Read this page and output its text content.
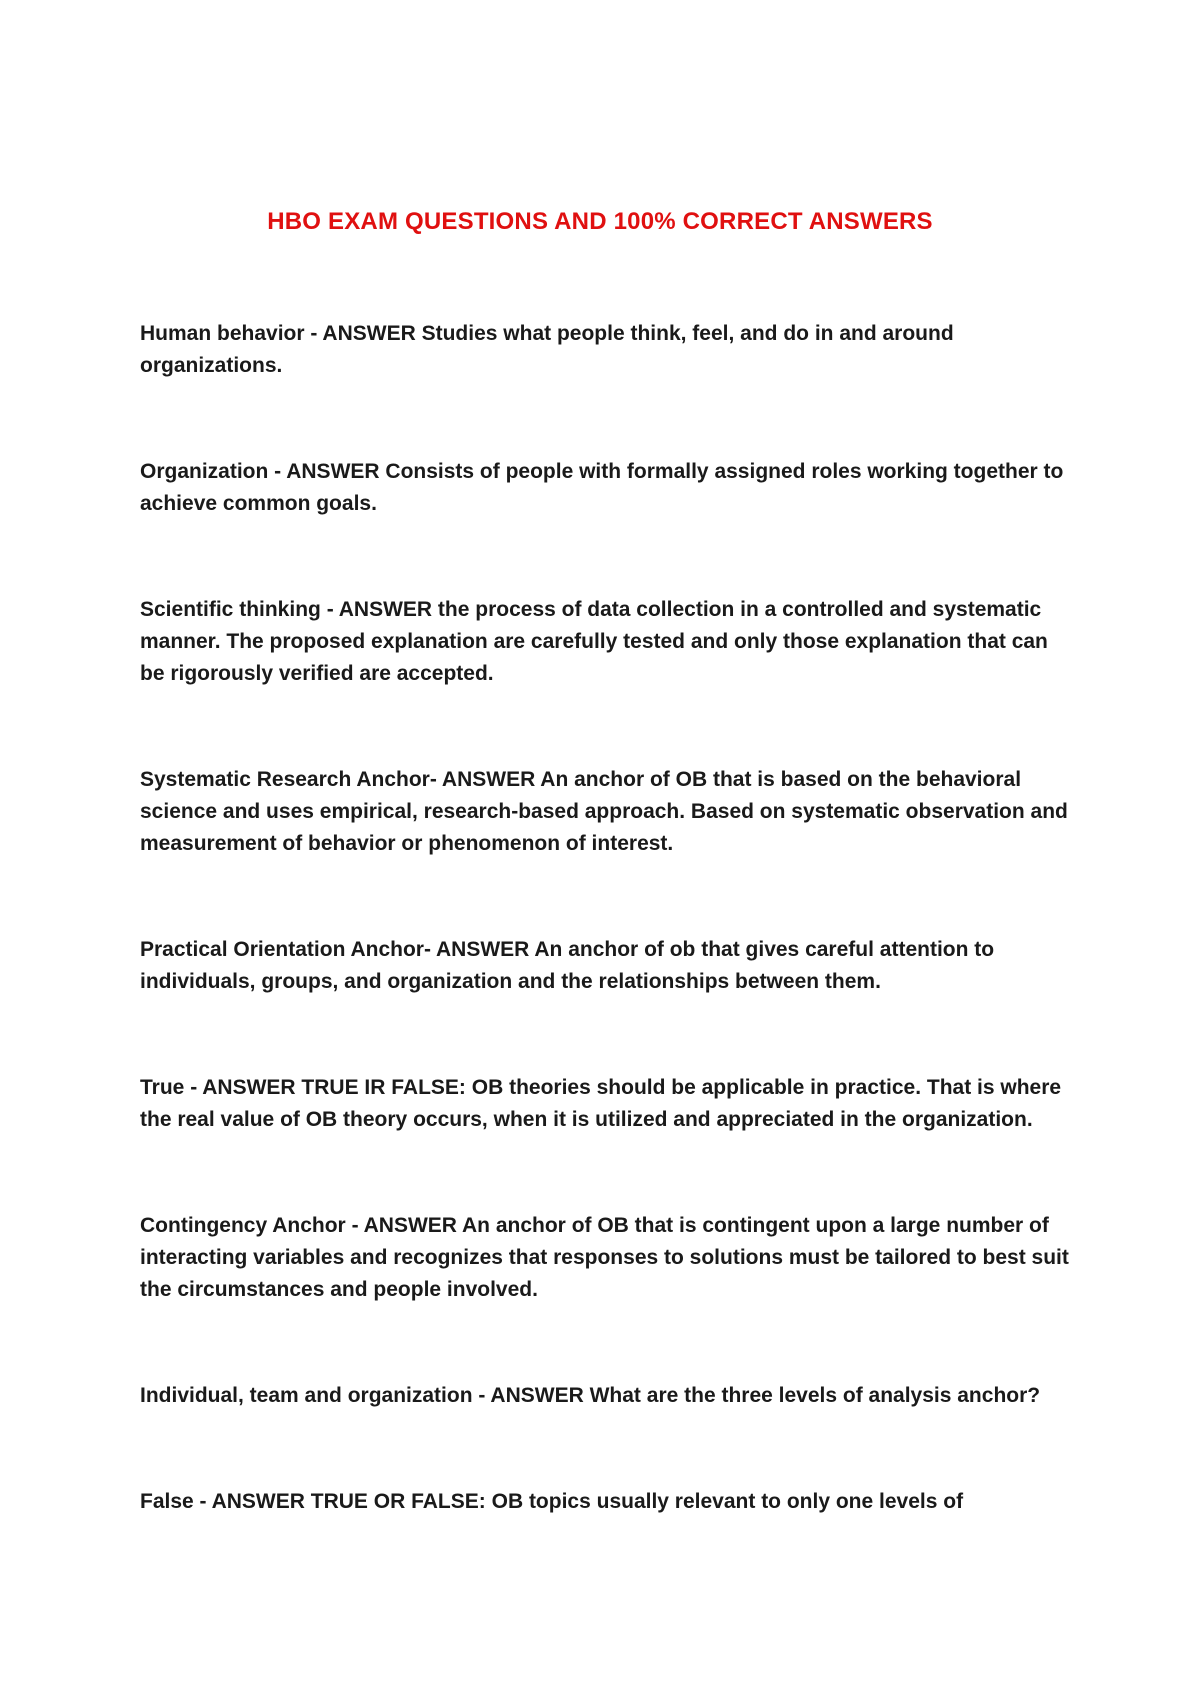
HBO EXAM QUESTIONS AND 100% CORRECT ANSWERS

Human behavior - ANSWER Studies what people think, feel, and do in and around organizations.

Organization - ANSWER Consists of people with formally assigned roles working together to achieve common goals.

Scientific thinking - ANSWER the process of data collection in a controlled and systematic manner. The proposed explanation are carefully tested and only those explanation that can be rigorously verified are accepted.

Systematic Research Anchor- ANSWER An anchor of OB that is based on the behavioral science and uses empirical, research-based approach. Based on systematic observation and measurement of behavior or phenomenon of interest.

Practical Orientation Anchor- ANSWER An anchor of ob that gives careful attention to individuals, groups, and organization and the relationships between them.

True - ANSWER TRUE IR FALSE: OB theories should be applicable in practice. That is where the real value of OB theory occurs, when it is utilized and appreciated in the organization.

Contingency Anchor - ANSWER An anchor of OB that is contingent upon a large number of interacting variables and recognizes that responses to solutions must be tailored to best suit the circumstances and people involved.

Individual, team and organization - ANSWER What are the three levels of analysis anchor?

False - ANSWER TRUE OR FALSE: OB topics usually relevant to only one levels of
